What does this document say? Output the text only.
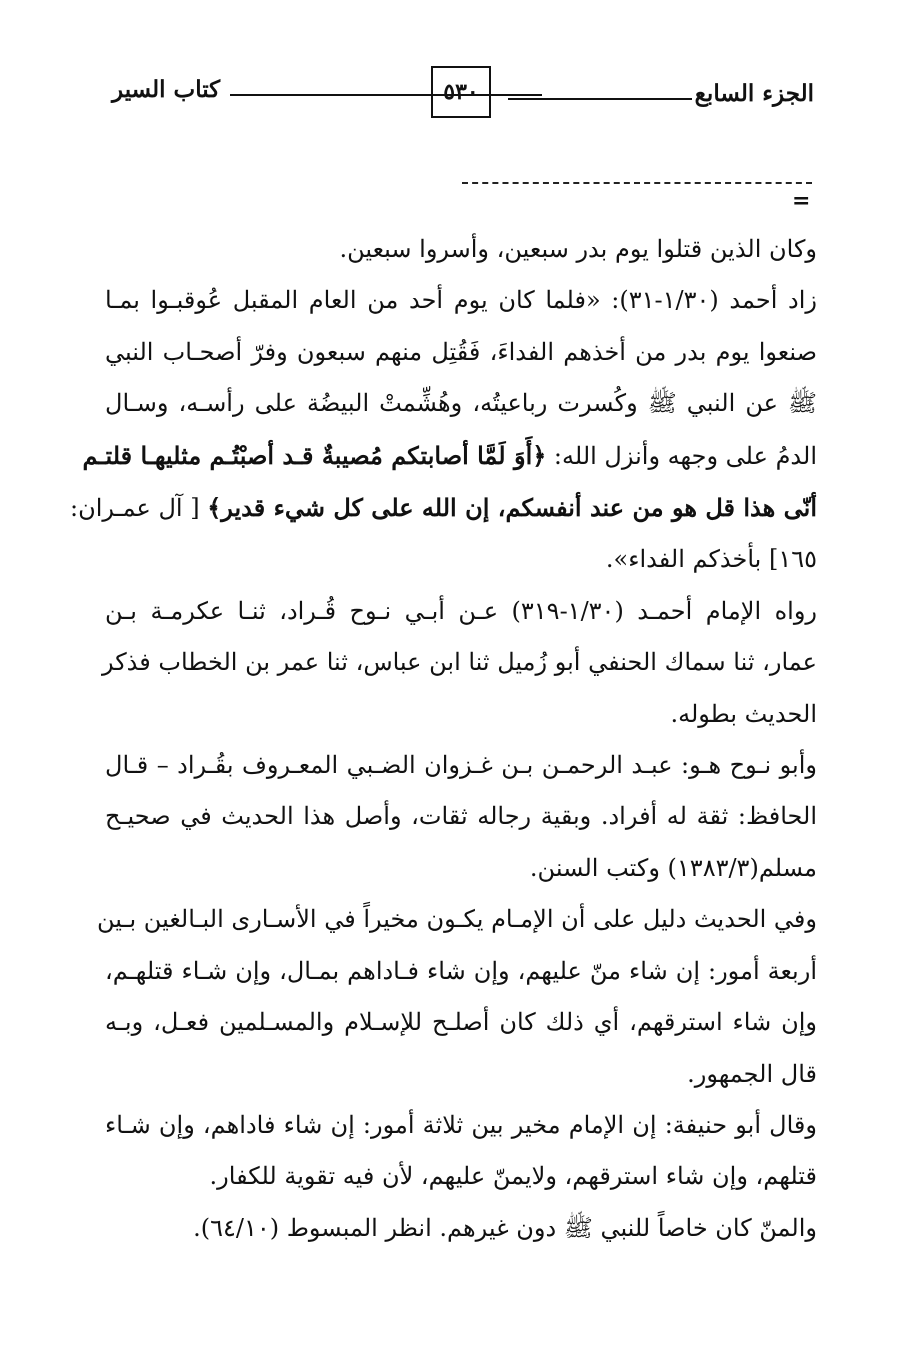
الجزء السابع
٥٣٠
كتاب السير
=

وكان الذين قتلوا يوم بدر سبعين، وأسروا سبعين.

زاد أحمد (١/٣٠-٣١): «فلما كان يوم أحد من العام المقبل عُوقبـوا بمـا
صنعوا يوم بدر من أخذهم الفداءَ، فَقُتِل منهم سبعون وفرّ أصحـاب النبي
ﷺ عن النبي ﷺ وكُسرت رباعيتُه، وهُشِّمتْ البيضُة على رأسـه، وسـال
الدمُ على وجهه وأنزل الله: ﴿أَوَ لَمَّا أصابتكم مُصيبةٌ قـد أصبْتُـم مثليهـا قلتـم
أنّى هذا قل هو من عند أنفسكم، إن الله على كل شيء قدير﴾ [ آل عمـران:
١٦٥] بأخذكم الفداء».

رواه الإمام أحمـد (١/٣٠-٣١٩) عـن أبـي نـوح قُـراد، ثنـا عكرمـة بـن
عمار، ثنا سماك الحنفي أبو زُميل ثنا ابن عباس، ثنا عمر بن الخطاب فذكر
الحديث بطوله.

وأبو نـوح هـو: عبـد الرحمـن بـن غـزوان الضـبي المعـروف بقُـراد – قـال
الحافظ: ثقة له أفراد. وبقية رجاله ثقات، وأصل هذا الحديث في صحيـح
مسلم(١٣٨٣/٣) وكتب السنن.

وفي الحديث دليل على أن الإمـام يكـون مخيراً في الأسـارى البـالغين بـين
أربعة أمور: إن شاء منّ عليهم، وإن شاء فـاداهم بمـال، وإن شـاء قتلهـم،
وإن شاء استرقهم، أي ذلك كان أصلـح للإسـلام والمسـلمين فعـل، وبـه
قال الجمهور.

وقال أبو حنيفة: إن الإمام مخير بين ثلاثة أمور: إن شاء فاداهم، وإن شـاء
قتلهم، وإن شاء استرقهم، ولايمنّ عليهم، لأن فيه تقوية للكفار.

والمنّ كان خاصاً للنبي ﷺ دون غيرهم. انظر المبسوط (٦٤/١٠).
